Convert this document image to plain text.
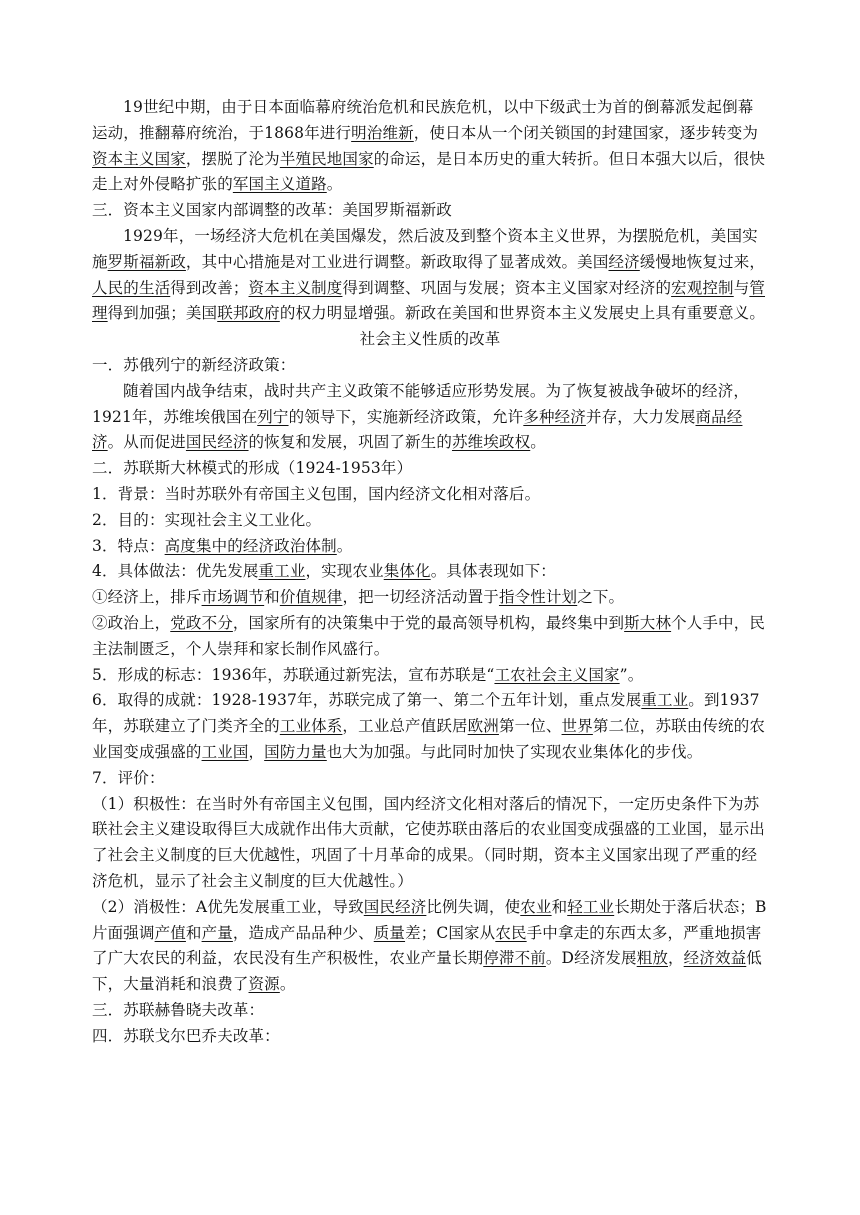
19世纪中期，由于日本面临幕府统治危机和民族危机，以中下级武士为首的倒幕派发起倒幕运动，推翻幕府统治，于1868年进行明治维新，使日本从一个闭关锁国的封建国家，逐步转变为资本主义国家，摆脱了沦为半殖民地国家的命运，是日本历史的重大转折。但日本强大以后，很快走上对外侵略扩张的军国主义道路。

三．资本主义国家内部调整的改革：美国罗斯福新政

1929年，一场经济大危机在美国爆发，然后波及到整个资本主义世界，为摆脱危机，美国实施罗斯福新政，其中心措施是对工业进行调整。新政取得了显著成效。美国经济缓慢地恢复过来，人民的生活得到改善；资本主义制度得到调整、巩固与发展；资本主义国家对经济的宏观控制与管理得到加强；美国联邦政府的权力明显增强。新政在美国和世界资本主义发展史上具有重要意义。

社会主义性质的改革

一．苏俄列宁的新经济政策：

随着国内战争结束，战时共产主义政策不能够适应形势发展。为了恢复被战争破坏的经济，1921年，苏维埃俄国在列宁的领导下，实施新经济政策，允许多种经济并存，大力发展商品经济。从而促进国民经济的恢复和发展，巩固了新生的苏维埃政权。

二．苏联斯大林模式的形成（1924-1953年）

1．背景：当时苏联外有帝国主义包围，国内经济文化相对落后。

2．目的：实现社会主义工业化。

3．特点：高度集中的经济政治体制。

4．具体做法：优先发展重工业，实现农业集体化。具体表现如下：

①经济上，排斥市场调节和价值规律，把一切经济活动置于指令性计划之下。

②政治上，党政不分，国家所有的决策集中于党的最高领导机构，最终集中到斯大林个人手中，民主法制匮乏，个人崇拜和家长制作风盛行。

5．形成的标志：1936年，苏联通过新宪法，宣布苏联是“工农社会主义国家”。

6．取得的成就：1928-1937年，苏联完成了第一、第二个五年计划，重点发展重工业。到1937年，苏联建立了门类齐全的工业体系，工业总产值跃居欧洲第一位、世界第二位，苏联由传统的农业国变成强盛的工业国，国防力量也大为加强。与此同时加快了实现农业集体化的步伐。

7．评价：

（1）积极性：在当时外有帝国主义包围，国内经济文化相对落后的情况下，一定历史条件下为苏联社会主义建设取得巨大成就作出伟大贡献，它使苏联由落后的农业国变成强盛的工业国，显示出了社会主义制度的巨大优越性，巩固了十月革命的成果。（同时期，资本主义国家出现了严重的经济危机，显示了社会主义制度的巨大优越性。）

（2）消极性：A优先发展重工业，导致国民经济比例失调，使农业和轻工业长期处于落后状态；B片面强调产值和产量，造成产品品种少、质量差；C国家从农民手中拿走的东西太多，严重地损害了广大农民的利益，农民没有生产积极性，农业产量长期停滞不前。D经济发展粗放，经济效益低下，大量消耗和浪费了资源。

三．苏联赫鲁晓夫改革：

四．苏联戈尔巴乔夫改革：
